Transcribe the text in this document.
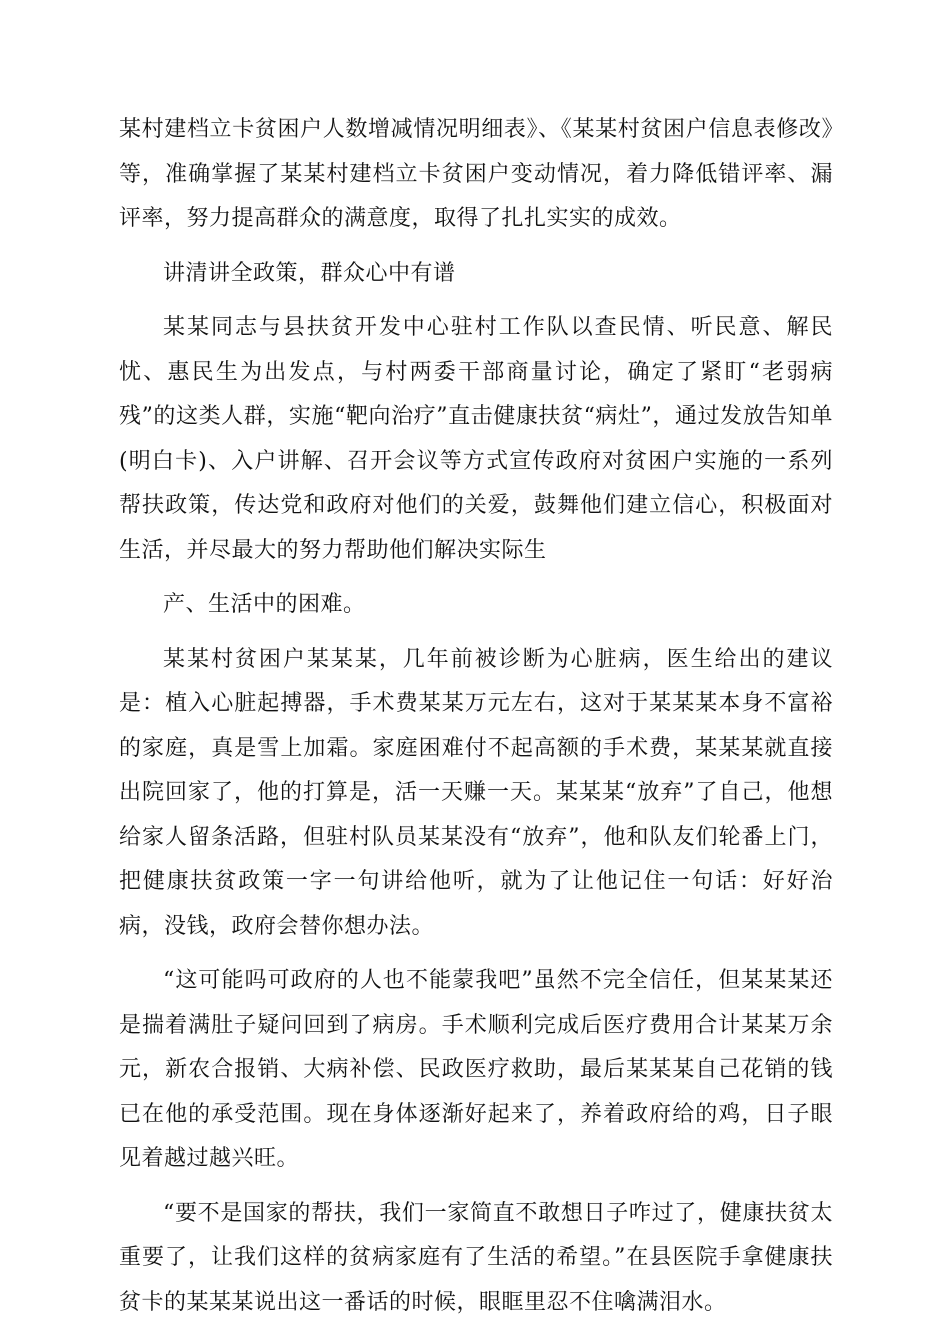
某村建档立卡贫困户人数增减情况明细表》、《某某村贫困户信息表修改》等，准确掌握了某某村建档立卡贫困户变动情况，着力降低错评率、漏评率，努力提高群众的满意度，取得了扎扎实实的成效。

讲清讲全政策，群众心中有谱

某某同志与县扶贫开发中心驻村工作队以查民情、听民意、解民忧、惠民生为出发点，与村两委干部商量讨论，确定了紧盯“老弱病残”的这类人群，实施“靶向治疗”直击健康扶贫“病灶”，通过发放告知单(明白卡)、入户讲解、召开会议等方式宣传政府对贫困户实施的一系列帮扶政策，传达党和政府对他们的关爱，鼓舞他们建立信心，积极面对生活，并尽最大的努力帮助他们解决实际生

产、生活中的困难。

某某村贫困户某某某，几年前被诊断为心脏病，医生给出的建议是：植入心脏起搏器，手术费某某万元左右，这对于某某某本身不富裕的家庭，真是雪上加霜。家庭困难付不起高额的手术费，某某某就直接出院回家了，他的打算是，活一天赚一天。某某某“放弃”了自己，他想给家人留条活路，但驻村队员某某没有“放弃”，他和队友们轮番上门，把健康扶贫政策一字一句讲给他听，就为了让他记住一句话：好好治病，没钱，政府会替你想办法。

“这可能吗可政府的人也不能蒙我吧”虽然不完全信任，但某某某还是揣着满肚子疑问回到了病房。手术顺利完成后医疗费用合计某某万余元，新农合报销、大病补偿、民政医疗救助，最后某某某自己花销的钱已在他的承受范围。现在身体逐渐好起来了，养着政府给的鸡，日子眼见着越过越兴旺。

“要不是国家的帮扶，我们一家简直不敢想日子咋过了，健康扶贫太重要了，让我们这样的贫病家庭有了生活的希望。”在县医院手拿健康扶贫卡的某某某说出这一番话的时候，眼眶里忍不住噙满泪水。
